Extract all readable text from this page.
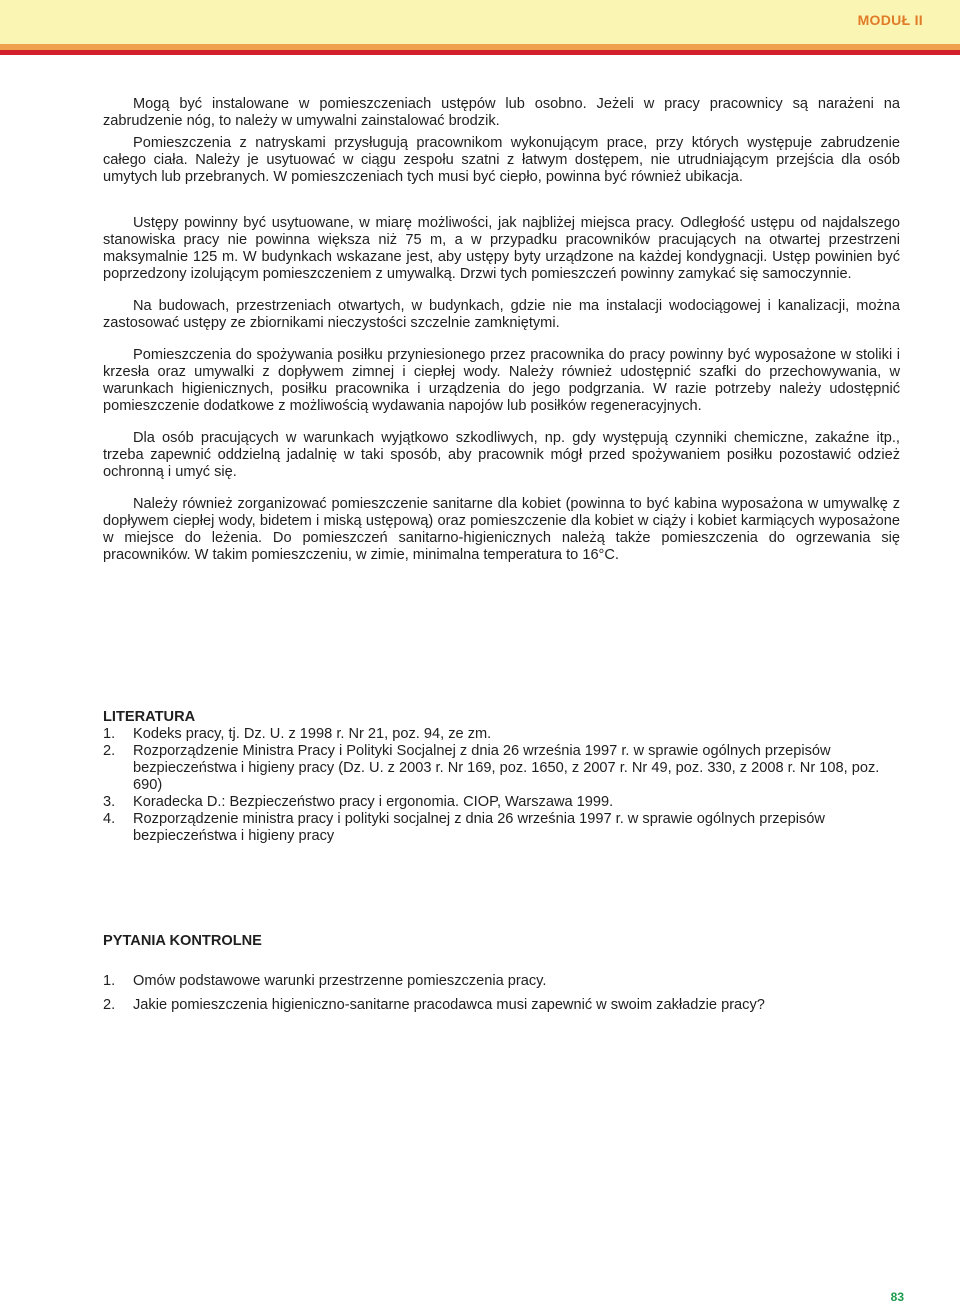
MODUŁ II

Mogą być instalowane w pomieszczeniach ustępów lub osobno. Jeżeli w pracy pracownicy są narażeni na zabrudzenie nóg, to należy w umywalni zainstalować brodzik.

Pomieszczenia z natryskami przysługują pracownikom wykonującym prace, przy których występuje zabrudzenie całego ciała. Należy je usytuować w ciągu zespołu szatni z łatwym dostępem, nie utrudniającym przejścia dla osób umytych lub przebranych. W pomieszczeniach tych musi być ciepło, powinna być również ubikacja.

Ustępy powinny być usytuowane, w miarę możliwości, jak najbliżej miejsca pracy. Odległość ustępu od najdalszego stanowiska pracy nie powinna większa niż 75 m, a w przypadku pracowników pracujących na otwartej przestrzeni maksymalnie 125 m. W budynkach wskazane jest, aby ustępy byty urządzone na każdej kondygnacji. Ustęp powinien być poprzedzony izolującym pomieszczeniem z umywalką. Drzwi tych pomieszczeń powinny zamykać się samoczynnie.

Na budowach, przestrzeniach otwartych, w budynkach, gdzie nie ma instalacji wodociągowej i kanalizacji, można zastosować ustępy ze zbiornikami nieczystości szczelnie zamkniętymi.

Pomieszczenia do spożywania posiłku przyniesionego przez pracownika do pracy powinny być wyposażone w stoliki i krzesła oraz umywalki z dopływem zimnej i ciepłej wody. Należy również udostępnić szafki do przechowywania, w warunkach higienicznych, posiłku pracownika i urządzenia do jego podgrzania. W razie potrzeby należy udostępnić pomieszczenie dodatkowe z możliwością wydawania napojów lub posiłków regeneracyjnych.

Dla osób pracujących w warunkach wyjątkowo szkodliwych, np. gdy występują czynniki chemiczne, zakaźne itp., trzeba zapewnić oddzielną jadalnię w taki sposób, aby pracownik mógł przed spożywaniem posiłku pozostawić odzież ochronną i umyć się.

Należy również zorganizować pomieszczenie sanitarne dla kobiet (powinna to być kabina wyposażona w umywalkę z dopływem ciepłej wody, bidetem i miską ustępową) oraz pomieszczenie dla kobiet w ciąży i kobiet karmiących wyposażone w miejsce do leżenia. Do pomieszczeń sanitarno-higienicznych należą także pomieszczenia do ogrzewania się pracowników. W takim pomieszczeniu, w zimie, minimalna temperatura to 16°C.

LITERATURA
1. Kodeks pracy, tj. Dz. U. z 1998 r. Nr 21, poz. 94, ze zm.
2. Rozporządzenie Ministra Pracy i Polityki Socjalnej z dnia 26 września 1997 r. w sprawie ogólnych przepisów bezpieczeństwa i higieny pracy (Dz. U. z 2003 r. Nr 169, poz. 1650, z 2007 r. Nr 49, poz. 330, z 2008 r. Nr 108, poz. 690)
3. Koradecka D.: Bezpieczeństwo pracy i ergonomia. CIOP, Warszawa 1999.
4. Rozporządzenie ministra pracy i polityki socjalnej z dnia 26 września 1997 r. w sprawie ogólnych przepisów bezpieczeństwa i higieny pracy
PYTANIA KONTROLNE
1. Omów podstawowe warunki przestrzenne pomieszczenia pracy.
2. Jakie pomieszczenia higieniczno-sanitarne pracodawca musi zapewnić w swoim zakładzie pracy?
83
